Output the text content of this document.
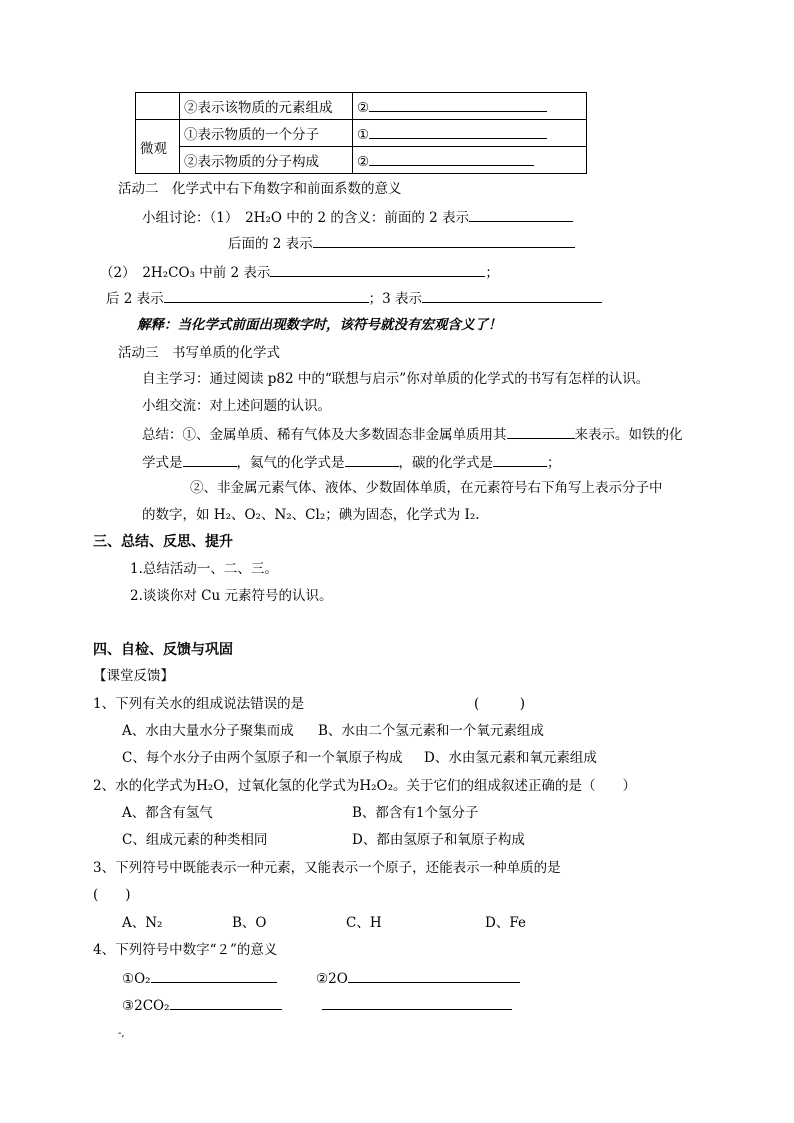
	②表示该物质的元素组成	②
微观	①表示物质的一个分子	①
	②表示物质的分子构成	②
活动二　化学式中右下角数字和前面系数的意义
小组讨论：（1）　2H₂O 中的 2 的含义：前面的 2 表示
后面的 2 表示
（2）　2H₂CO₃ 中前 2 表示	；
后 2 表示	；3 表示
解释：当化学式前面出现数字时，该符号就没有宏观含义了！
活动三　书写单质的化学式
自主学习：通过阅读 p82 中的“联想与启示”你对单质的化学式的书写有怎样的认识。
小组交流：对上述问题的认识。
总结：①、金属单质、稀有气体及大多数固态非金属单质用其	来表示。如铁的化
学式是	，氦气的化学式是	，碳的化学式是	；
②、非金属元素气体、液体、少数固体单质，在元素符号右下角写上表示分子中
的数字，如 H₂、O₂、N₂、Cl₂；碘为固态，化学式为 I₂.
三、总结、反思、提升
1.总结活动一、二、三。
2.谈谈你对 Cu 元素符号的认识。
四、自检、反馈与巩固
【课堂反馈】
1、下列有关水的组成说法错误的是	(　　　)
A、水由大量水分子聚集而成 B、水由二个氢元素和一个氧元素组成
C、每个水分子由两个氢原子和一个氧原子构成 D、水由氢元素和氧元素组成
2、水的化学式为H₂O，过氧化氢的化学式为H₂O₂。关于它们的组成叙述正确的是（　　）
A、都含有氢气	B、都含有1个氢分子
C、组成元素的种类相同	D、都由氢原子和氧原子构成
3、下列符号中既能表示一种元素，又能表示一个原子，还能表示一种单质的是
(　　)
A、N₂	B、O	C、H	D、Fe
4、下列符号中数字“２”的意义
①O₂	②2O
③2CO₂
-,
